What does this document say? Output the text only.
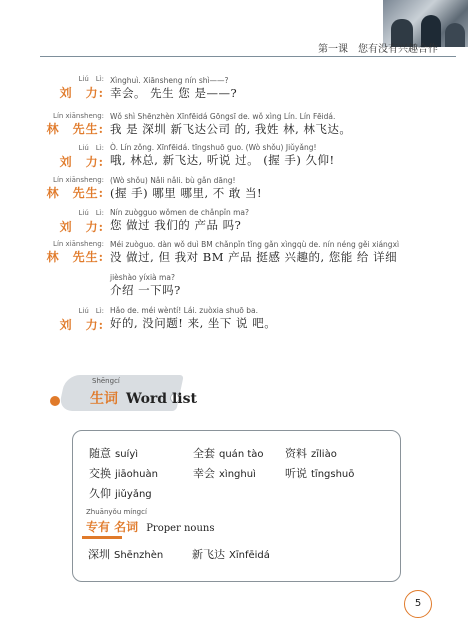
第一课　您有没有兴趣合作
Liú　Lì:
刘　力:
Xìnghuì. Xiānsheng nín shì——?
幸会。 先生 您 是——?
Lín xiānsheng:
林　先生:
Wǒ shì Shēnzhèn Xīnfēidá Gōngsī de. wǒ xìng Lín. Lín Fēidá.
我 是 深圳 新飞达公司 的, 我姓 林, 林飞达。
Liú　Lì:
刘　力:
Ò. Lín zǒng. Xīnfēidá. tīngshuō guo. (Wò shǒu) Jiǔyǎng!
哦, 林总, 新飞达, 听说 过。 (握 手) 久仰!
Lín xiānsheng:
林　先生:
(Wò shǒu) Nǎli nǎli. bù gǎn dāng!
(握 手) 哪里 哪里, 不 敢 当!
Liú　Lì:
刘　力:
Nín zuògguo wǒmen de chǎnpǐn ma?
您 做过 我们的 产品 吗?
Lín xiānsheng:
林　先生:
Méi zuòguo. dàn wǒ duì BM chǎnpǐn tǐng gǎn xìngqù de. nín néng gěi xiángxì
没 做过, 但 我对 BM 产品 挺感 兴趣的, 您能 给 详细
jièshào yíxià ma?
介绍 一下吗?
Liú　Lì:
刘　力:
Hǎo de. méi wèntí! Lái. zuòxia shuō ba.
好的, 没问题! 来, 坐下 说 吧。
Shēngcí
生词 Word list
随意 suíyì	全套 quán tào 资料 zīliào
交换 jiāohuàn	幸会 xìnghuì	听说 tīngshuō
久仰 jiǔyǎng
Zhuānyǒu míngcí
专有 名词 Proper nouns
深圳 Shēnzhèn	新飞达 Xīnfēidá
5
